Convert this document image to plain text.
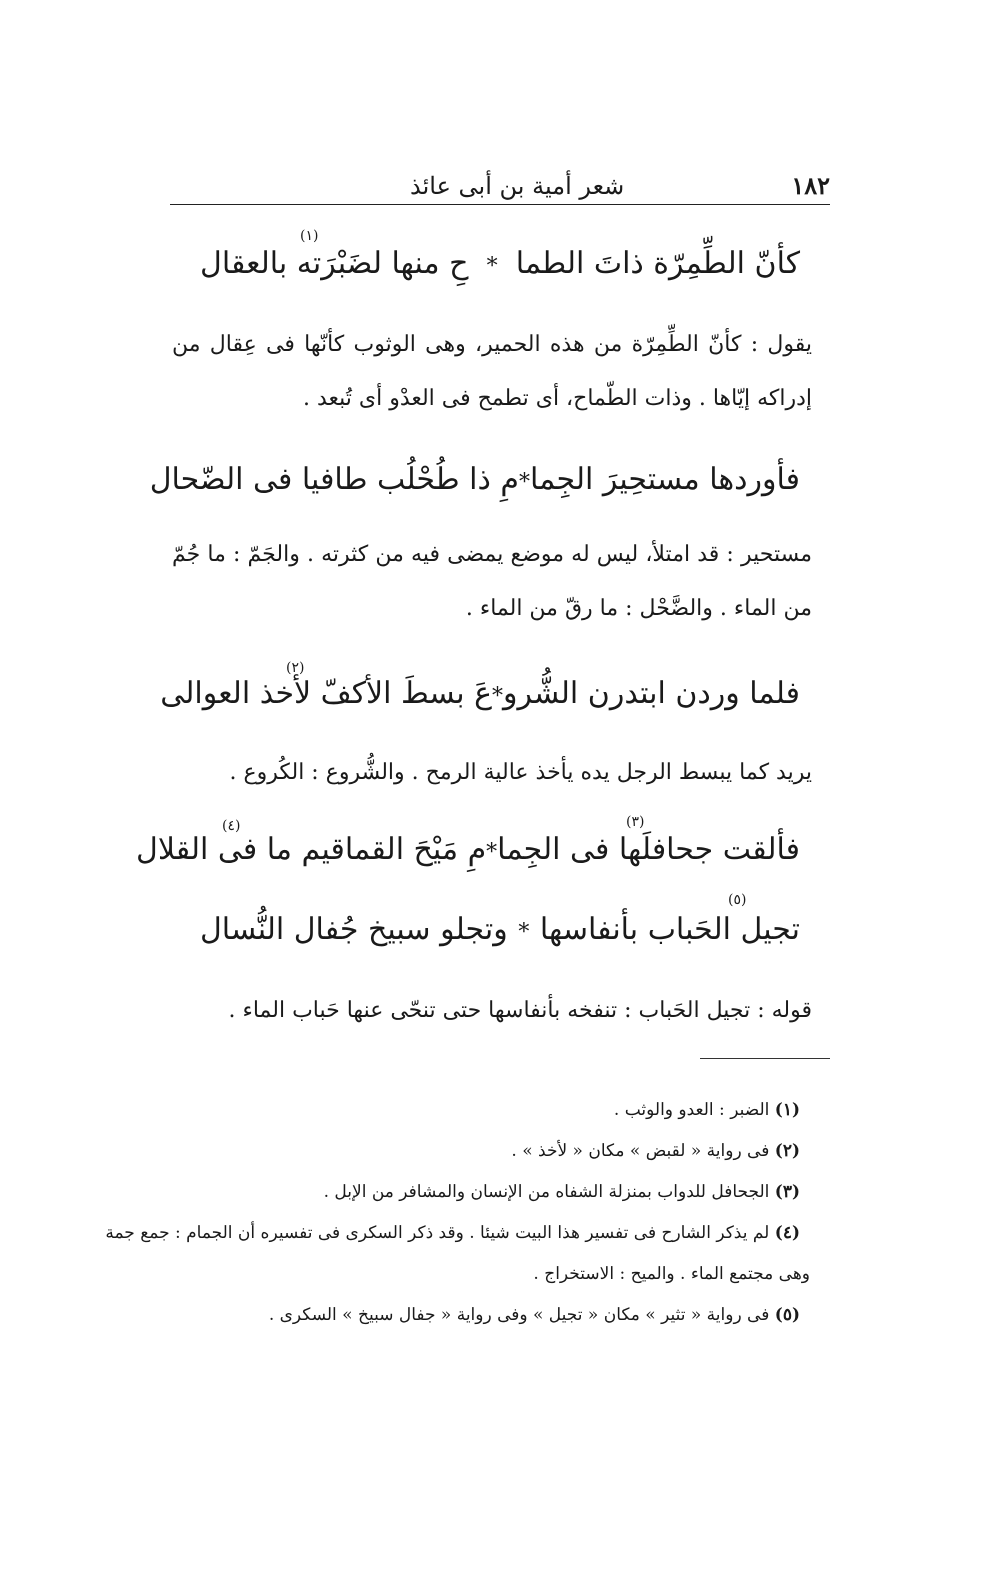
١٨٢
شعر أمية بن أبى عائذ
(١)
كأنّ الطِّمِرّة ذاتَ الطما
*
حِ منها لضَبْرَته بالعقال
يقول : كأنّ الطِّمِرّة من هذه الحمير، وهى الوثوب كأنّها فى عِقال من إدراكه إيّاها . وذات الطّماح، أى تطمح فى العدْو أى تُبعد .
فأوردها مستحِيرَ الجِما
*
مِ ذا طُحْلُب طافيا فى الضّحال
مستحير : قد امتلأ، ليس له موضع يمضى فيه من كثرته . والجَمّ : ما جُمّ من الماء . والضَّحْل : ما رقّ من الماء .
(٢)
فلما وردن ابتدرن الشُّرو
*
عَ بسطَ الأكفّ لأخذ العوالى
يريد كما يبسط الرجل يده يأخذ عالية الرمح . والشُّروع : الكُروع .
(٣)
(٤)
فألقت جحافلَها فى الجِما
*
مِ مَيْحَ القماقيم ما فى القلال
(٥)
تجيل الحَباب بأنفاسها
*
وتجلو سبيخ جُفال النُّسال
قوله : تجيل الحَباب : تنفخه بأنفاسها حتى تنحّى عنها حَباب الماء .
(١) الضبر : العدو والوثب .
(٢) فى رواية « لقبض » مكان « لأخذ » .
(٣) الجحافل للدواب بمنزلة الشفاه من الإنسان والمشافر من الإبل .
(٤) لم يذكر الشارح فى تفسير هذا البيت شيئا . وقد ذكر السكرى فى تفسيره أن الجمام : جمع جمة
وهى مجتمع الماء . والميح : الاستخراج .
(٥) فى رواية « تثير » مكان « تجيل » وفى رواية « جفال سبيخ » السكرى .
